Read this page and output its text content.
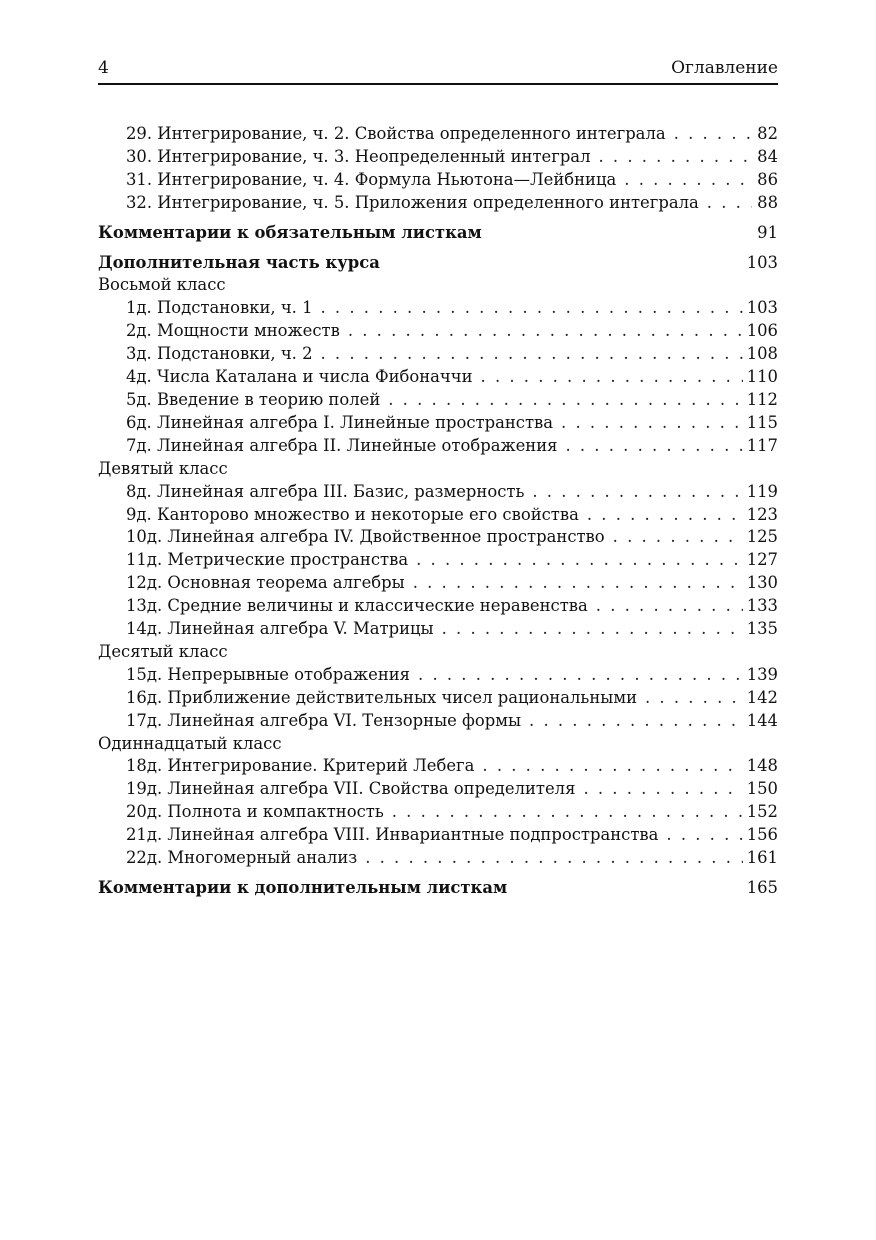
4	Оглавление
29. Интегрирование, ч. 2. Свойства определенного интеграла . . .	82
30. Интегрирование, ч. 3. Неопределенный интеграл . . .	84
31. Интегрирование, ч. 4. Формула Ньютона—Лейбница . . .	86
32. Интегрирование, ч. 5. Приложения определенного интеграла . . .	88
Комментарии к обязательным листкам	91
Дополнительная часть курса	103
Восьмой класс
1д. Подстановки, ч. 1 . . .	103
2д. Мощности множеств . . .	106
3д. Подстановки, ч. 2 . . .	108
4д. Числа Каталана и числа Фибоначчи . . .	110
5д. Введение в теорию полей . . .	112
6д. Линейная алгебра I. Линейные пространства . . .	115
7д. Линейная алгебра II. Линейные отображения . . .	117
Девятый класс
8д. Линейная алгебра III. Базис, размерность . . .	119
9д. Канторово множество и некоторые его свойства . . .	123
10д. Линейная алгебра IV. Двойственное пространство . . .	125
11д. Метрические пространства . . .	127
12д. Основная теорема алгебры . . .	130
13д. Средние величины и классические неравенства . . .	133
14д. Линейная алгебра V. Матрицы . . .	135
Десятый класс
15д. Непрерывные отображения . . .	139
16д. Приближение действительных чисел рациональными . . .	142
17д. Линейная алгебра VI. Тензорные формы . . .	144
Одиннадцатый класс
18д. Интегрирование. Критерий Лебега . . .	148
19д. Линейная алгебра VII. Свойства определителя . . .	150
20д. Полнота и компактность . . .	152
21д. Линейная алгебра VIII. Инвариантные подпространства . . .	156
22д. Многомерный анализ . . .	161
Комментарии к дополнительным листкам	165
